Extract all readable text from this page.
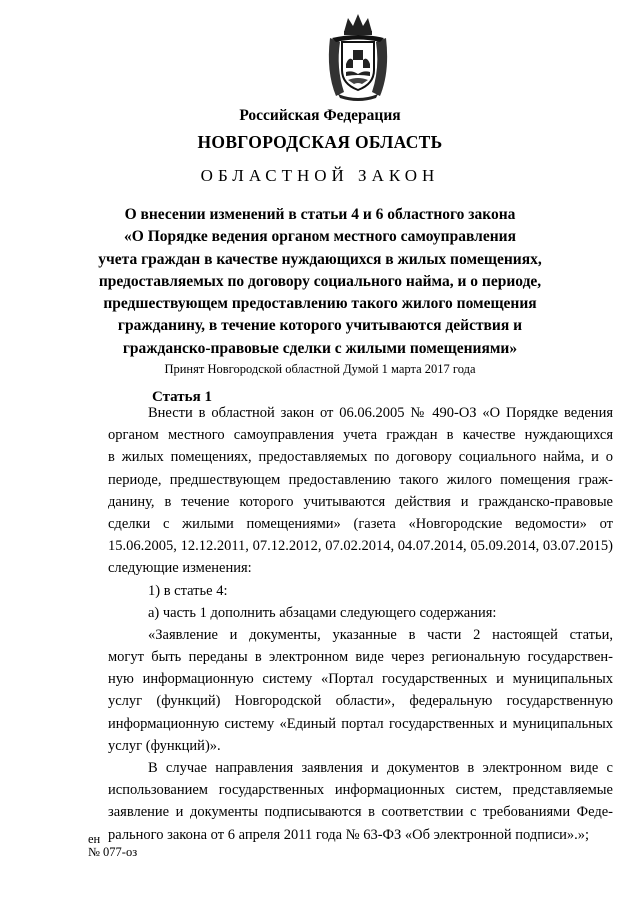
Российская Федерация

НОВГОРОДСКАЯ ОБЛАСТЬ

ОБЛАСТНОЙ ЗАКОН

О внесении изменений в статьи 4 и 6 областного закона
«О Порядке ведения органом местного самоуправления
учета граждан в качестве нуждающихся в жилых помещениях,
предоставляемых по договору социального найма, и о периоде,
предшествующем предоставлению такого жилого помещения
гражданину, в течение которого учитываются действия и
гражданско-правовые сделки с жилыми помещениями»

Принят Новгородской областной Думой 1 марта 2017 года

Статья 1

Внести в областной закон от 06.06.2005 № 490-ОЗ «О Порядке ведения
органом местного самоуправления учета граждан в качестве нуждающихся
в жилых помещениях, предоставляемых по договору социального найма, и о
периоде, предшествующем предоставлению такого жилого помещения граж-
данину, в течение которого учитываются действия и гражданско-правовые
сделки с жилыми помещениями» (газета «Новгородские ведомости» от
15.06.2005, 12.12.2011, 07.12.2012, 07.02.2014, 04.07.2014, 05.09.2014, 03.07.2015)
следующие изменения:
1) в статье 4:
а) часть 1 дополнить абзацами следующего содержания:
«Заявление и документы, указанные в части 2 настоящей статьи,
могут быть переданы в электронном виде через региональную государствен-
ную информационную систему «Портал государственных и муниципальных
услуг (функций) Новгородской области», федеральную государственную
информационную систему «Единый портал государственных и муниципальных
услуг (функций)».
В случае направления заявления и документов в электронном виде с
использованием государственных информационных систем, представляемые
заявление и документы подписываются в соответствии с требованиями Феде-
рального закона от 6 апреля 2011 года № 63-ФЗ «Об электронной подписи».»;
ен
№ 077-оз
